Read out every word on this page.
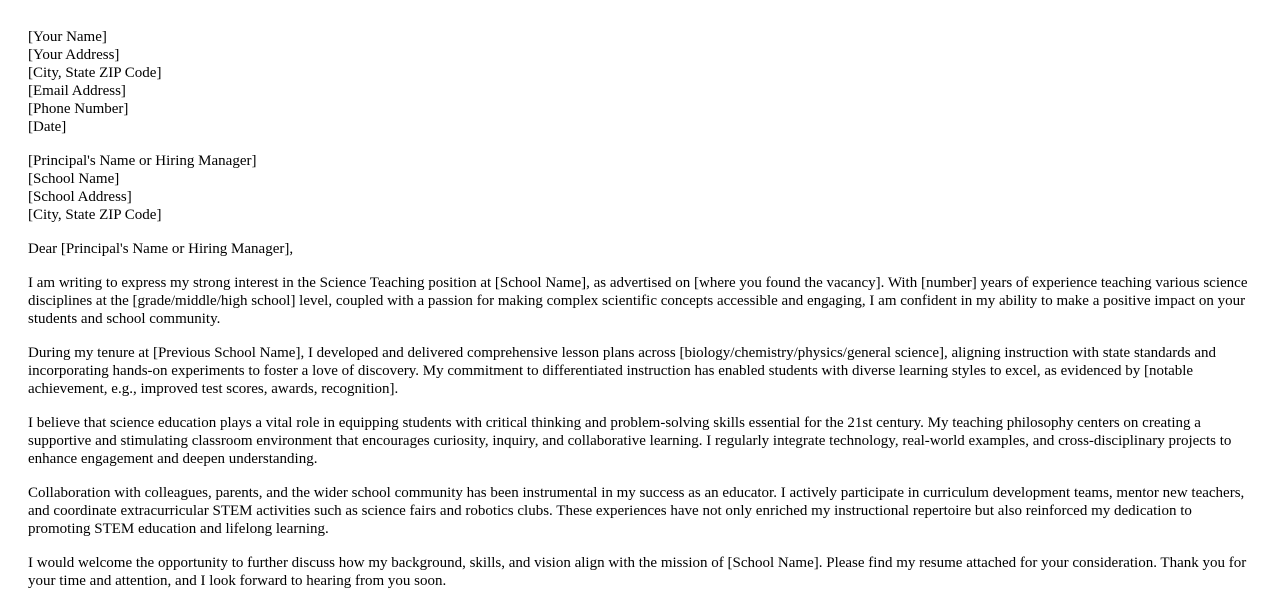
[Your Name]
[Your Address]
[City, State ZIP Code]
[Email Address]
[Phone Number]
[Date]
[Principal's Name or Hiring Manager]
[School Name]
[School Address]
[City, State ZIP Code]

Dear [Principal's Name or Hiring Manager],

I am writing to express my strong interest in the Science Teaching position at [School Name], as advertised on [where you found the vacancy]. With [number] years of experience teaching various science disciplines at the [grade/middle/high school] level, coupled with a passion for making complex scientific concepts accessible and engaging, I am confident in my ability to make a positive impact on your students and school community.

During my tenure at [Previous School Name], I developed and delivered comprehensive lesson plans across [biology/chemistry/physics/general science], aligning instruction with state standards and incorporating hands-on experiments to foster a love of discovery. My commitment to differentiated instruction has enabled students with diverse learning styles to excel, as evidenced by [notable achievement, e.g., improved test scores, awards, recognition].

I believe that science education plays a vital role in equipping students with critical thinking and problem-solving skills essential for the 21st century. My teaching philosophy centers on creating a supportive and stimulating classroom environment that encourages curiosity, inquiry, and collaborative learning. I regularly integrate technology, real-world examples, and cross-disciplinary projects to enhance engagement and deepen understanding.

Collaboration with colleagues, parents, and the wider school community has been instrumental in my success as an educator. I actively participate in curriculum development teams, mentor new teachers, and coordinate extracurricular STEM activities such as science fairs and robotics clubs. These experiences have not only enriched my instructional repertoire but also reinforced my dedication to promoting STEM education and lifelong learning.

I would welcome the opportunity to further discuss how my background, skills, and vision align with the mission of [School Name]. Please find my resume attached for your consideration. Thank you for your time and attention, and I look forward to hearing from you soon.
